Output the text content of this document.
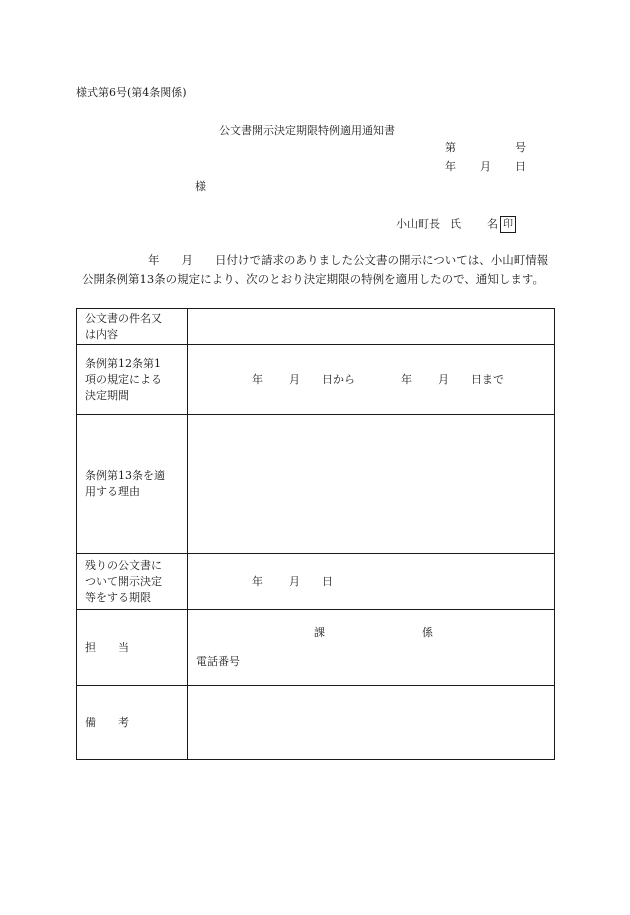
様式第6号(第4条関係)
公文書開示決定期限特例適用通知書
第	号
年 月 日
様
小山町長 氏 名 印
年 月 日付けで請求のありました公文書の開示については、小山町情報公開条例第13条の規定により、次のとおり決定期限の特例を適用したので、通知します。
公文書の件名又
は内容	
条例第12条第1
項の規定による
決定期間	年 月 日から 年 月 日まで
条例第13条を適
用する理由	
残りの公文書に
ついて開示決定
等をする期限	年 月 日
担　　当	課 係
電話番号

備　　考	
